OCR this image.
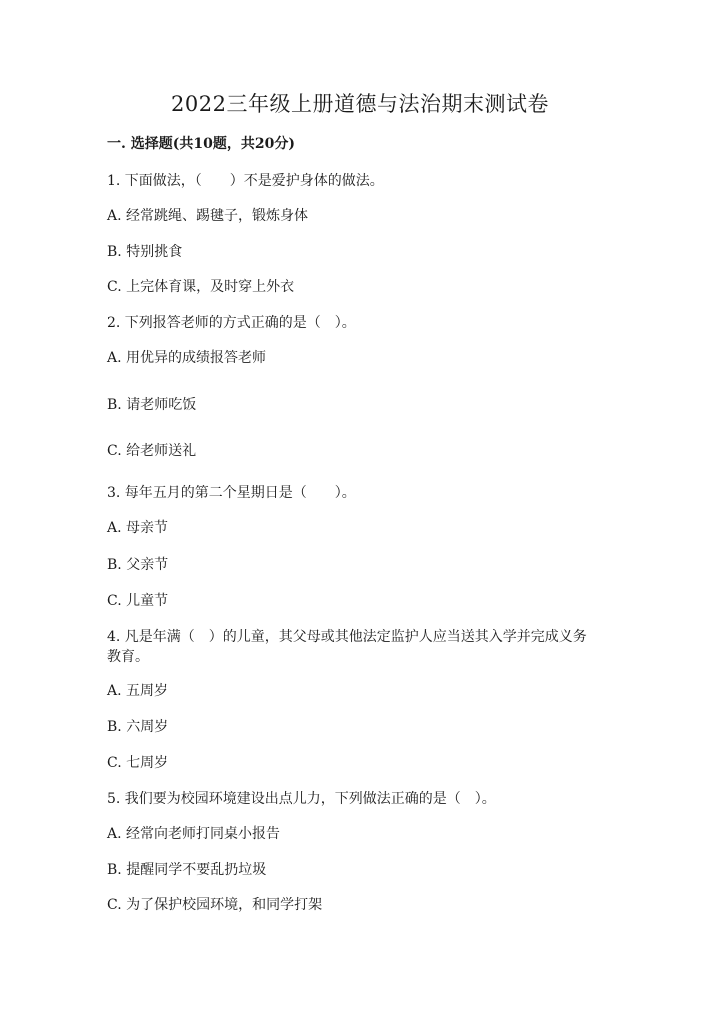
2022三年级上册道德与法治期末测试卷
一. 选择题(共10题，共20分)
1. 下面做法，（　　）不是爱护身体的做法。
A. 经常跳绳、踢毽子，锻炼身体
B. 特别挑食
C. 上完体育课，及时穿上外衣
2. 下列报答老师的方式正确的是（　）。
A. 用优异的成绩报答老师
B. 请老师吃饭
C. 给老师送礼
3. 每年五月的第二个星期日是（　　）。
A. 母亲节
B. 父亲节
C. 儿童节
4. 凡是年满（　）的儿童，其父母或其他法定监护人应当送其入学并完成义务
教育。
A. 五周岁
B. 六周岁
C. 七周岁
5. 我们要为校园环境建设出点儿力，下列做法正确的是（　）。
A. 经常向老师打同桌小报告
B. 提醒同学不要乱扔垃圾
C. 为了保护校园环境，和同学打架
